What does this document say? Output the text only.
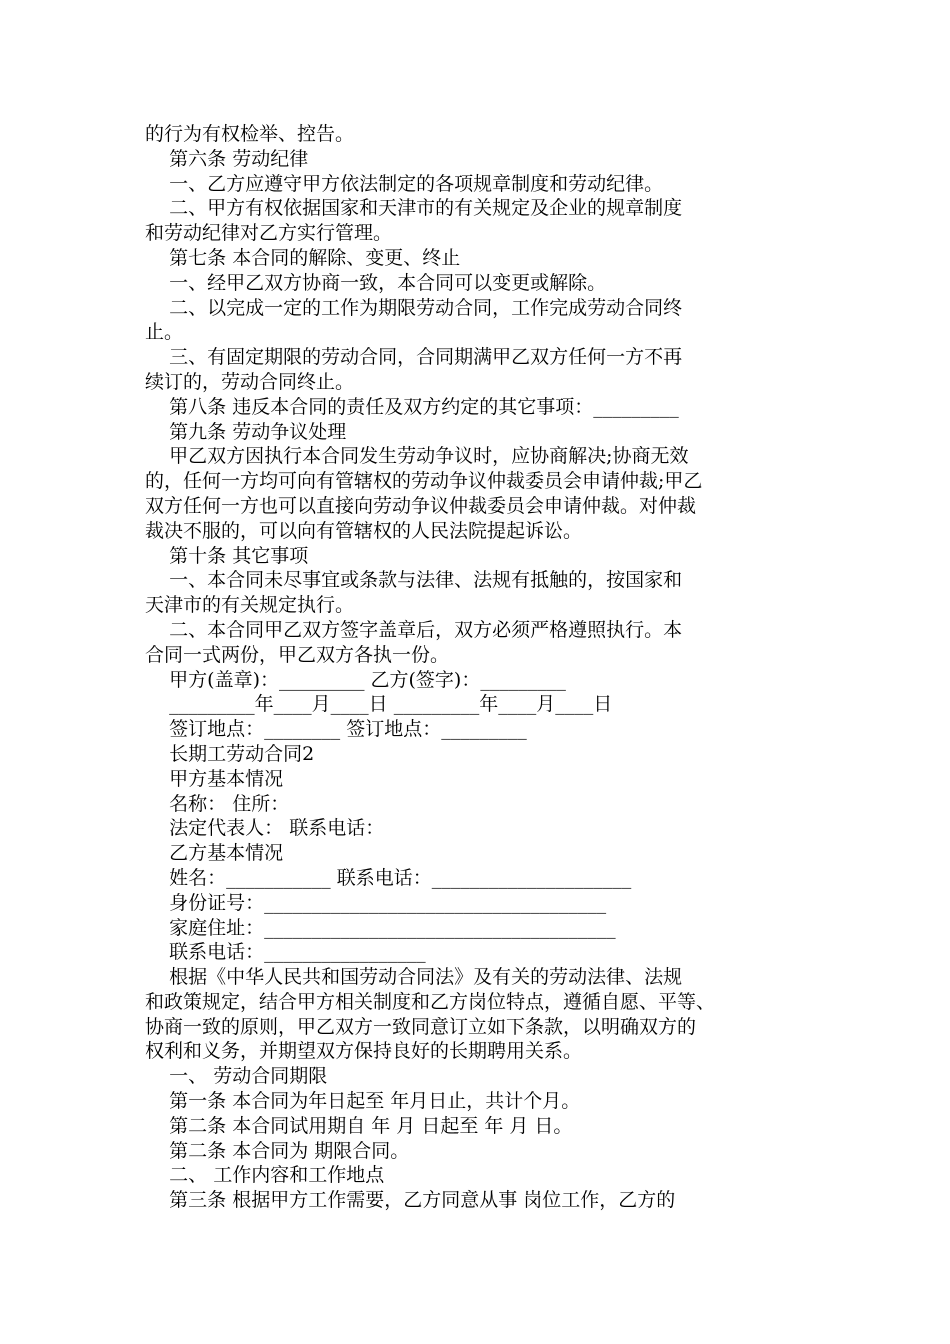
的行为有权检举、控告。
第六条 劳动纪律
一、乙方应遵守甲方依法制定的各项规章制度和劳动纪律。
二、甲方有权依据国家和天津市的有关规定及企业的规章制度
和劳动纪律对乙方实行管理。
第七条 本合同的解除、变更、终止
一、经甲乙双方协商一致，本合同可以变更或解除。
二、以完成一定的工作为期限劳动合同，工作完成劳动合同终
止。
三、有固定期限的劳动合同，合同期满甲乙双方任何一方不再
续订的，劳动合同终止。
第八条 违反本合同的责任及双方约定的其它事项：_________
第九条 劳动争议处理
甲乙双方因执行本合同发生劳动争议时，应协商解决;协商无效
的，任何一方均可向有管辖权的劳动争议仲裁委员会申请仲裁;甲乙
双方任何一方也可以直接向劳动争议仲裁委员会申请仲裁。对仲裁
裁决不服的，可以向有管辖权的人民法院提起诉讼。
第十条 其它事项
一、本合同未尽事宜或条款与法律、法规有抵触的，按国家和
天津市的有关规定执行。
二、本合同甲乙双方签字盖章后，双方必须严格遵照执行。本
合同一式两份，甲乙双方各执一份。
甲方(盖章)：_________ 乙方(签字)：_________
_________年____月____日 _________年____月____日
签订地点：________ 签订地点：_________
长期工劳动合同2
甲方基本情况
名称： 住所：
法定代表人： 联系电话：
乙方基本情况
姓名：___________ 联系电话：_____________________
身份证号：____________________________________
家庭住址：_____________________________________
联系电话：_________________
根据《中华人民共和国劳动合同法》及有关的劳动法律、法规
和政策规定，结合甲方相关制度和乙方岗位特点，遵循自愿、平等、
协商一致的原则，甲乙双方一致同意订立如下条款，以明确双方的
权利和义务，并期望双方保持良好的长期聘用关系。
一、 劳动合同期限
第一条 本合同为年日起至 年月日止，共计个月。
第二条 本合同试用期自 年 月 日起至 年 月 日。
第二条 本合同为 期限合同。
二、 工作内容和工作地点
第三条 根据甲方工作需要，乙方同意从事 岗位工作，乙方的
